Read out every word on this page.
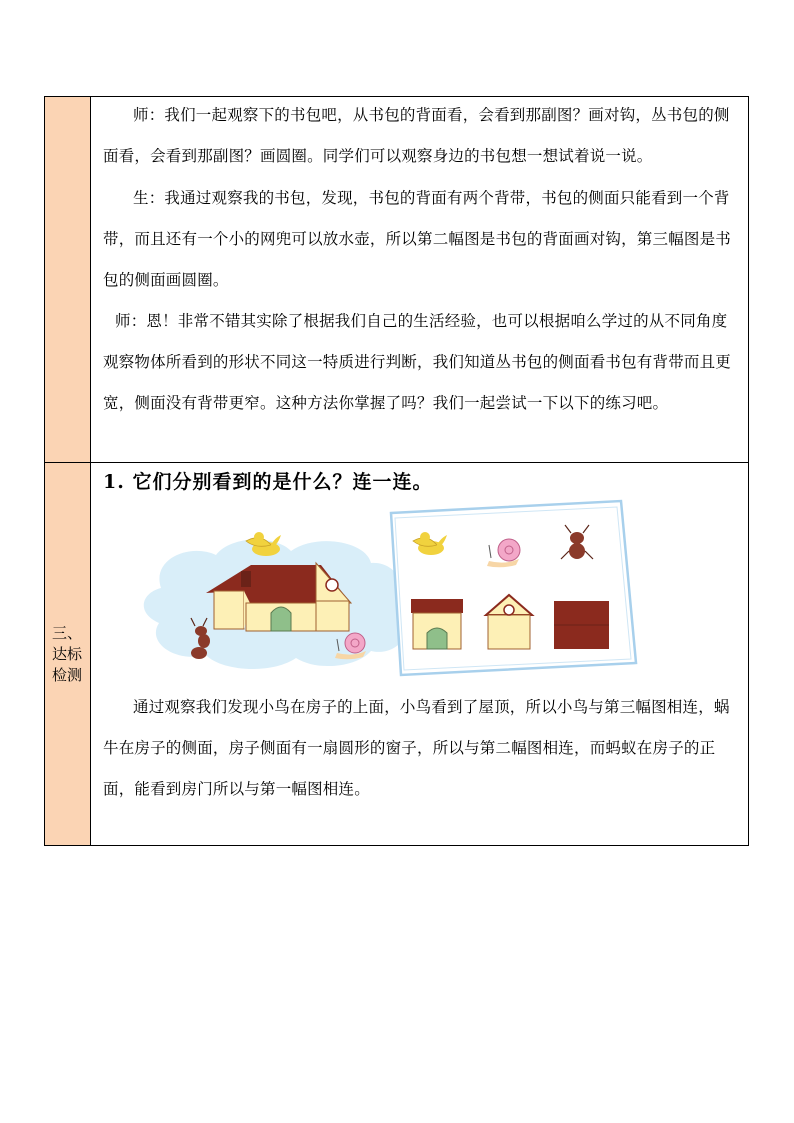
师：我们一起观察下的书包吧，从书包的背面看，会看到那副图？画对钩，丛书包的侧面看，会看到那副图？画圆圈。同学们可以观察身边的书包想一想试着说一说。

生：我通过观察我的书包，发现，书包的背面有两个背带，书包的侧面只能看到一个背带，而且还有一个小的网兜可以放水壶，所以第二幅图是书包的背面画对钩，第三幅图是书包的侧面画圆圈。

师：恩！非常不错其实除了根据我们自己的生活经验，也可以根据咱么学过的从不同角度观察物体所看到的形状不同这一特质进行判断，我们知道丛书包的侧面看书包有背带而且更宽，侧面没有背带更窄。这种方法你掌握了吗？我们一起尝试一下以下的练习吧。

三、
达标
检测
1. 它们分别看到的是什么？连一连。

通过观察我们发现小鸟在房子的上面，小鸟看到了屋顶，所以小鸟与第三幅图相连，蜗牛在房子的侧面，房子侧面有一扇圆形的窗子，所以与第二幅图相连，而蚂蚁在房子的正面，能看到房门所以与第一幅图相连。
